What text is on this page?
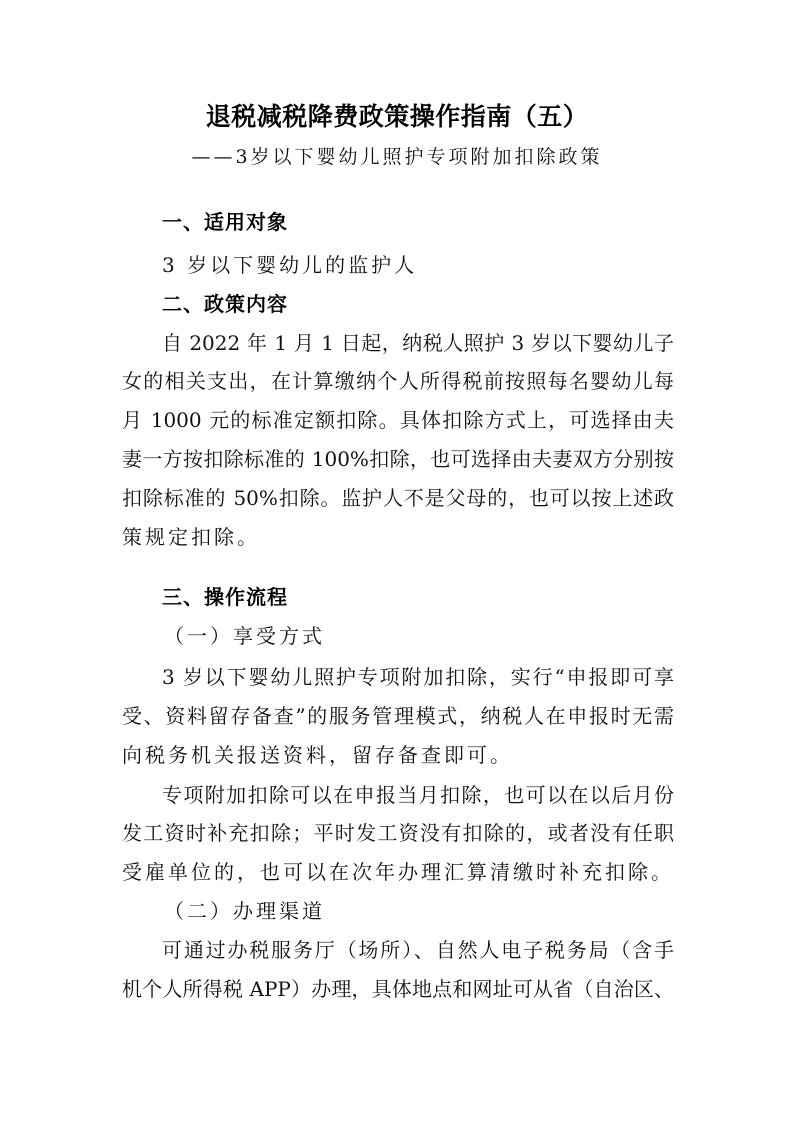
退税减税降费政策操作指南（五）
——3岁以下婴幼儿照护专项附加扣除政策
一、适用对象
3 岁以下婴幼儿的监护人
二、政策内容
自 2022 年 1 月 1 日起，纳税人照护 3 岁以下婴幼儿子
女的相关支出，在计算缴纳个人所得税前按照每名婴幼儿每
月 1000 元的标准定额扣除。具体扣除方式上，可选择由夫
妻一方按扣除标准的 100%扣除，也可选择由夫妻双方分别按
扣除标准的 50%扣除。监护人不是父母的，也可以按上述政
策规定扣除。
三、操作流程
（一）享受方式
3 岁以下婴幼儿照护专项附加扣除，实行“申报即可享
受、资料留存备查”的服务管理模式，纳税人在申报时无需
向税务机关报送资料，留存备查即可。
专项附加扣除可以在申报当月扣除，也可以在以后月份
发工资时补充扣除；平时发工资没有扣除的，或者没有任职
受雇单位的，也可以在次年办理汇算清缴时补充扣除。
（二）办理渠道
可通过办税服务厅（场所）、自然人电子税务局（含手
机个人所得税 APP）办理，具体地点和网址可从省（自治区、
